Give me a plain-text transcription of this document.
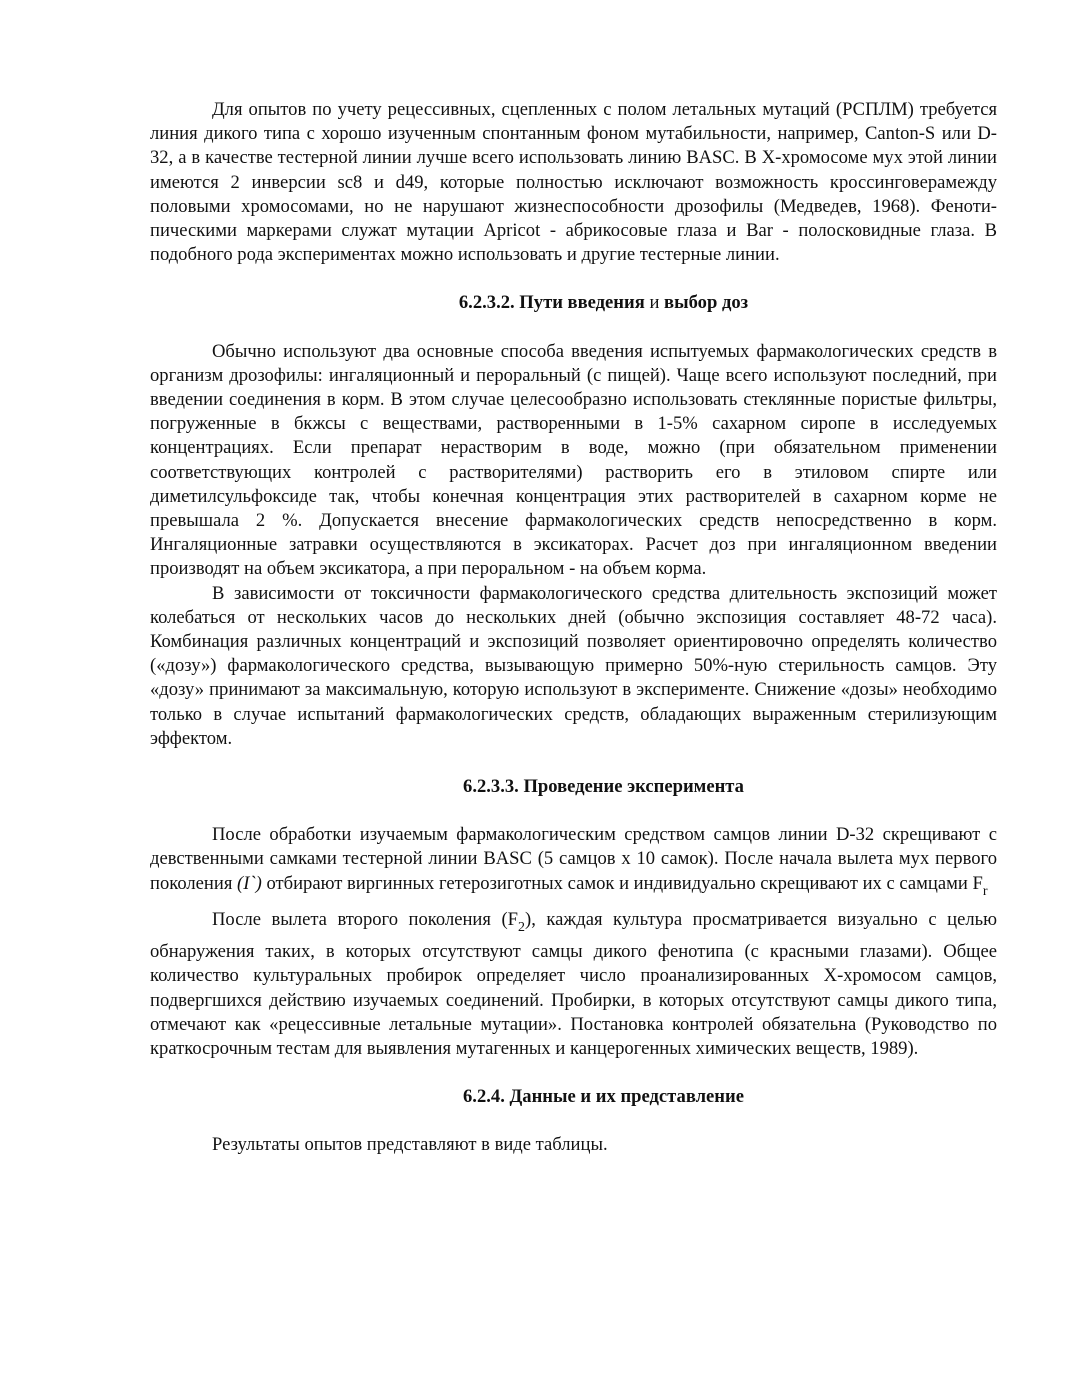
Для опытов по учету рецессивных, сцепленных с полом летальных мутаций (РСПЛМ) требуется линия дикого типа с хорошо изученным спонтанным фоном мутабильности, например, Canton-S или D-32, а в качестве тестерной линии лучше всего использовать линию BASC. В Х-хромосоме мух этой линии имеются 2 инверсии sc8 и d49, которые полностью исключают возможность кроссинговерамежду половыми хромосомами, но не нарушают жизнеспособности дрозофилы (Медведев, 1968). Феноти-пическими маркерами служат мутации Apricot - абрикосовые глаза и Bar - полосковидные глаза. В подобного рода экспериментах можно использовать и другие тестерные линии.

6.2.3.2. Пути введения и выбор доз

Обычно используют два основные способа введения испытуемых фармакологических средств в организм дрозофилы: ингаляционный и пероральный (с пищей). Чаще всего используют последний, при введении соединения в корм. В этом случае целесообразно использовать стеклянные пористые фильтры, погруженные в бкжсы с веществами, растворенными в 1-5% сахарном сиропе в исследуемых концентрациях. Если препарат нерастворим в воде, можно (при обязательном применении соответствующих контролей с растворителями) растворить его в этиловом спирте или диметилсульфоксиде так, чтобы конечная концентрация этих растворителей в сахарном корме не превышала 2 %. Допускается внесение фармакологических средств непосредственно в корм. Ингаляционные затравки осуществляются в эксикаторах. Расчет доз при ингаляционном введении производят на объем эксикатора, а при пероральном - на объем корма.

В зависимости от токсичности фармакологического средства длительность экспозиций может колебаться от нескольких часов до нескольких дней (обычно экспозиция составляет 48-72 часа). Комбинация различных концентраций и экспозиций позволяет ориентировочно определять количество («дозу») фармакологического средства, вызывающую примерно 50%-ную стерильность самцов. Эту «дозу» принимают за максимальную, которую используют в эксперименте. Снижение «дозы» необходимо только в случае испытаний фармакологических средств, обладающих выраженным стерилизующим эффектом.

6.2.3.3. Проведение эксперимента

После обработки изучаемым фармакологическим средством самцов линии D-32 скрещивают с девственными самками тестерной линии BASC (5 самцов х 10 самок). После начала вылета мух первого поколения (I`) отбирают виргинных гетерозиготных самок и индивидуально скрещивают их с самцами $F_r$

После вылета второго поколения $(F_2)$, каждая культура просматривается визуально с целью обнаружения таких, в которых отсутствуют самцы дикого фенотипа (с красными глазами). Общее количество культуральных пробирок определяет число проанализированных Х-хромосом самцов, подвергшихся действию изучаемых соединений. Пробирки, в которых отсутствуют самцы дикого типа, отмечают как «рецессивные летальные мутации». Постановка контролей обязательна (Руководство по краткосрочным тестам для выявления мутагенных и канцерогенных химических веществ, 1989).

6.2.4. Данные и их представление

Результаты опытов представляют в виде таблицы.
